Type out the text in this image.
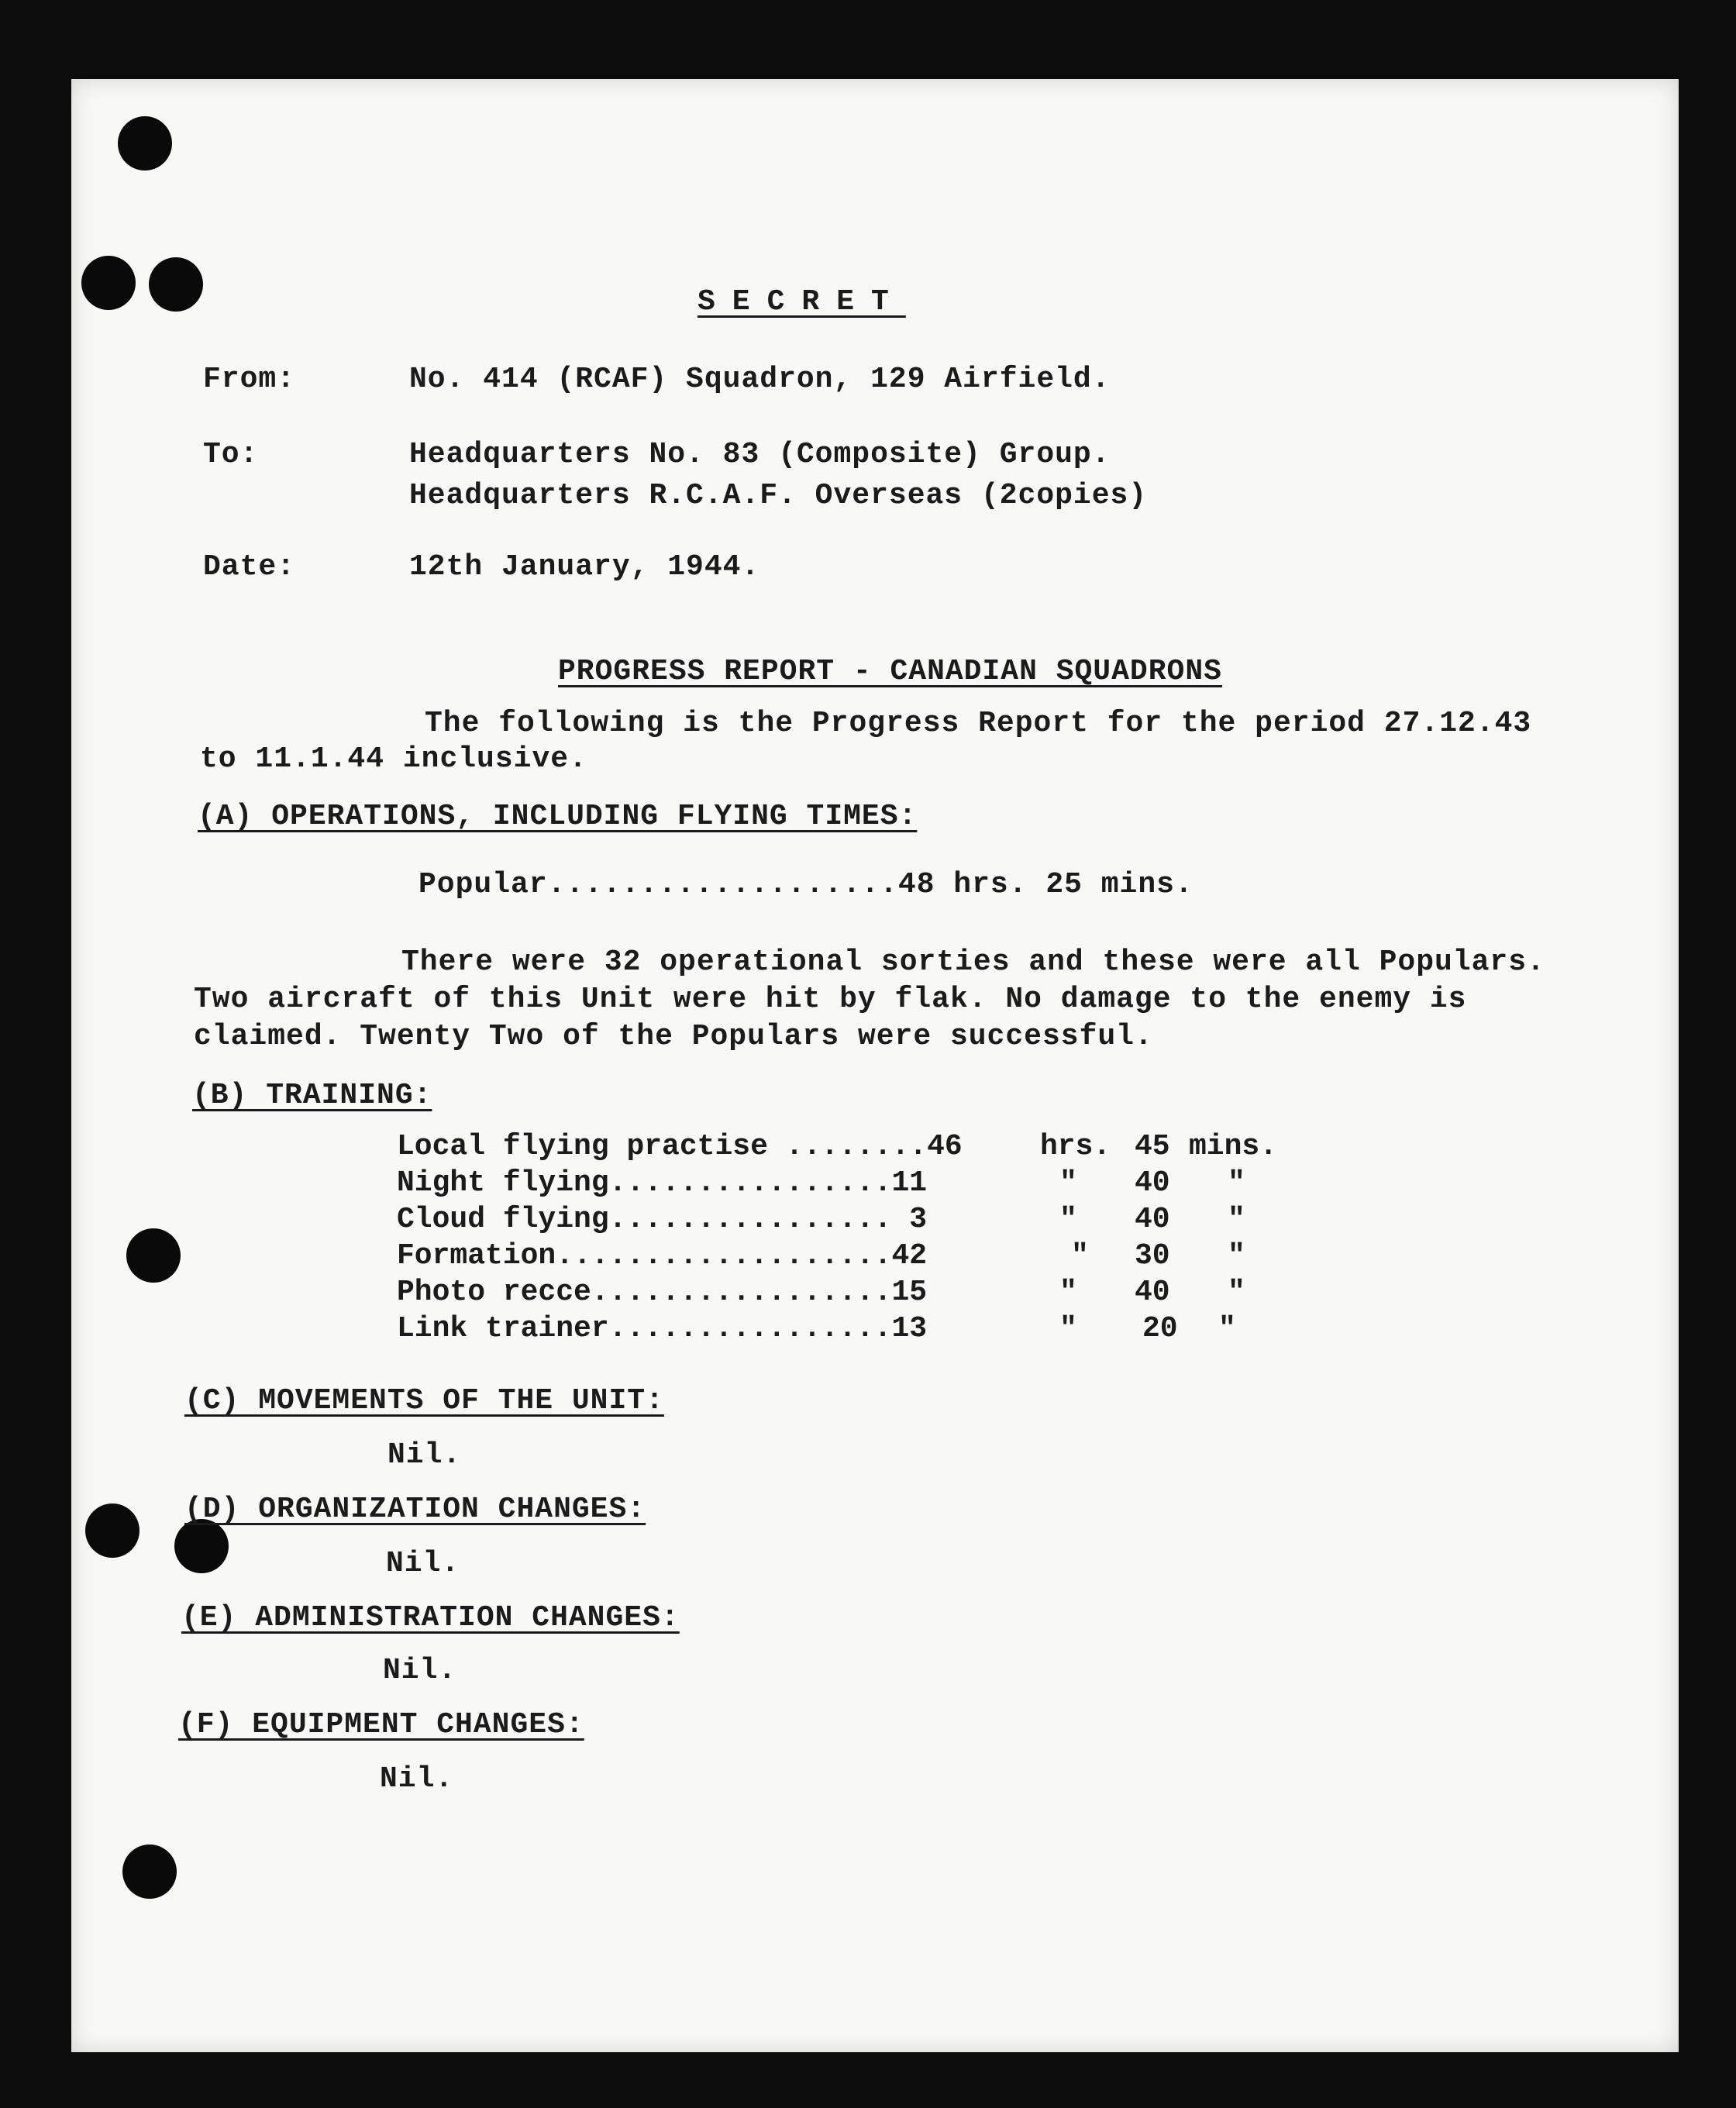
SECRET
From:	No. 414 (RCAF) Squadron, 129 Airfield.
To:	Headquarters No. 83 (Composite) Group.
Headquarters R.C.A.F. Overseas (2copies)
Date:	12th January, 1944.
PROGRESS REPORT - CANADIAN SQUADRONS
The following is the Progress Report for the period 27.12.43
to 11.1.44 inclusive.
(A) OPERATIONS, INCLUDING FLYING TIMES:
Popular...................48 hrs. 25 mins.
There were 32 operational sorties and these were all Populars.
Two aircraft of this Unit were hit by flak. No damage to the enemy is
claimed. Twenty Two of the Populars were successful.
(B) TRAINING:
Local flying practise ........46	hrs. 45 mins.
Night flying................11	" 40 "
Cloud flying................ 3	" 40 "
Formation...................42	" 30 "
Photo recce.................15	" 40 "
Link trainer................13	" 20 "
(C) MOVEMENTS OF THE UNIT:
Nil.
(D) ORGANIZATION CHANGES:
Nil.
(E) ADMINISTRATION CHANGES:
Nil.
(F) EQUIPMENT CHANGES:
Nil.
